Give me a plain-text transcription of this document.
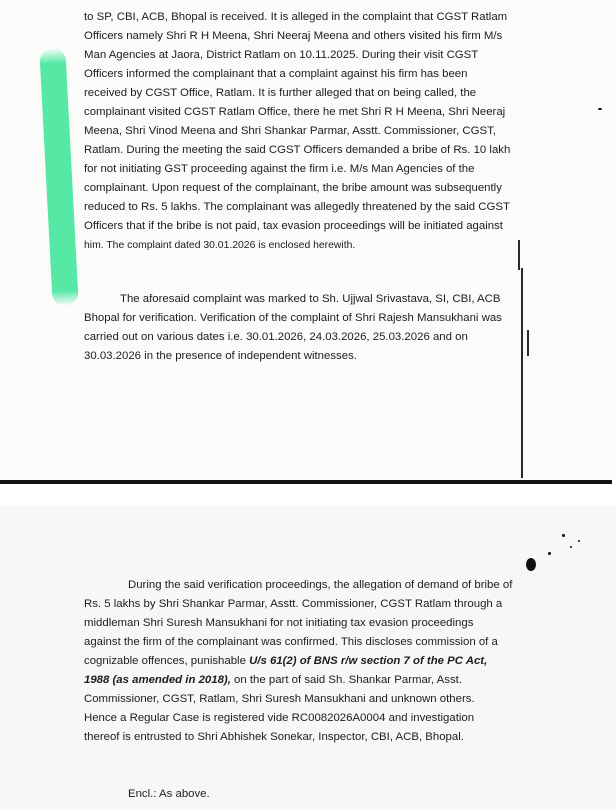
to SP, CBI, ACB, Bhopal is received. It is alleged in the complaint that CGST Ratlam
Officers namely Shri R H Meena, Shri Neeraj Meena and others visited his firm M/s
Man Agencies at Jaora, District Ratlam on 10.11.2025. During their visit CGST
Officers informed the complainant that a complaint against his firm has been
received by CGST Office, Ratlam. It is further alleged that on being called, the
complainant visited CGST Ratlam Office, there he met Shri R H Meena, Shri Neeraj
Meena, Shri Vinod Meena and Shri Shankar Parmar, Asstt. Commissioner, CGST,
Ratlam. During the meeting the said CGST Officers demanded a bribe of Rs. 10 lakh
for not initiating GST proceeding against the firm i.e. M/s Man Agencies of the
complainant. Upon request of the complainant, the bribe amount was subsequently
reduced to Rs. 5 lakhs. The complainant was allegedly threatened by the said CGST
Officers that if the bribe is not paid, tax evasion proceedings will be initiated against
him. The complaint dated 30.01.2026 is enclosed herewith.
The aforesaid complaint was marked to Sh. Ujjwal Srivastava, SI, CBI, ACB
Bhopal for verification. Verification of the complaint of Shri Rajesh Mansukhani was
carried out on various dates i.e. 30.01.2026, 24.03.2026, 25.03.2026 and on
30.03.2026 in the presence of independent witnesses.
During the said verification proceedings, the allegation of demand of bribe of
Rs. 5 lakhs by Shri Shankar Parmar, Asstt. Commissioner, CGST Ratlam through a
middleman Shri Suresh Mansukhani for not initiating tax evasion proceedings
against the firm of the complainant was confirmed. This discloses commission of a
cognizable offences, punishable U/s 61(2) of BNS r/w section 7 of the PC Act,
1988 (as amended in 2018), on the part of said Sh. Shankar Parmar, Asst.
Commissioner, CGST, Ratlam, Shri Suresh Mansukhani and unknown others.
Hence a Regular Case is registered vide RC0082026A0004 and investigation
thereof is entrusted to Shri Abhishek Sonekar, Inspector, CBI, ACB, Bhopal.

Encl.: As above.
